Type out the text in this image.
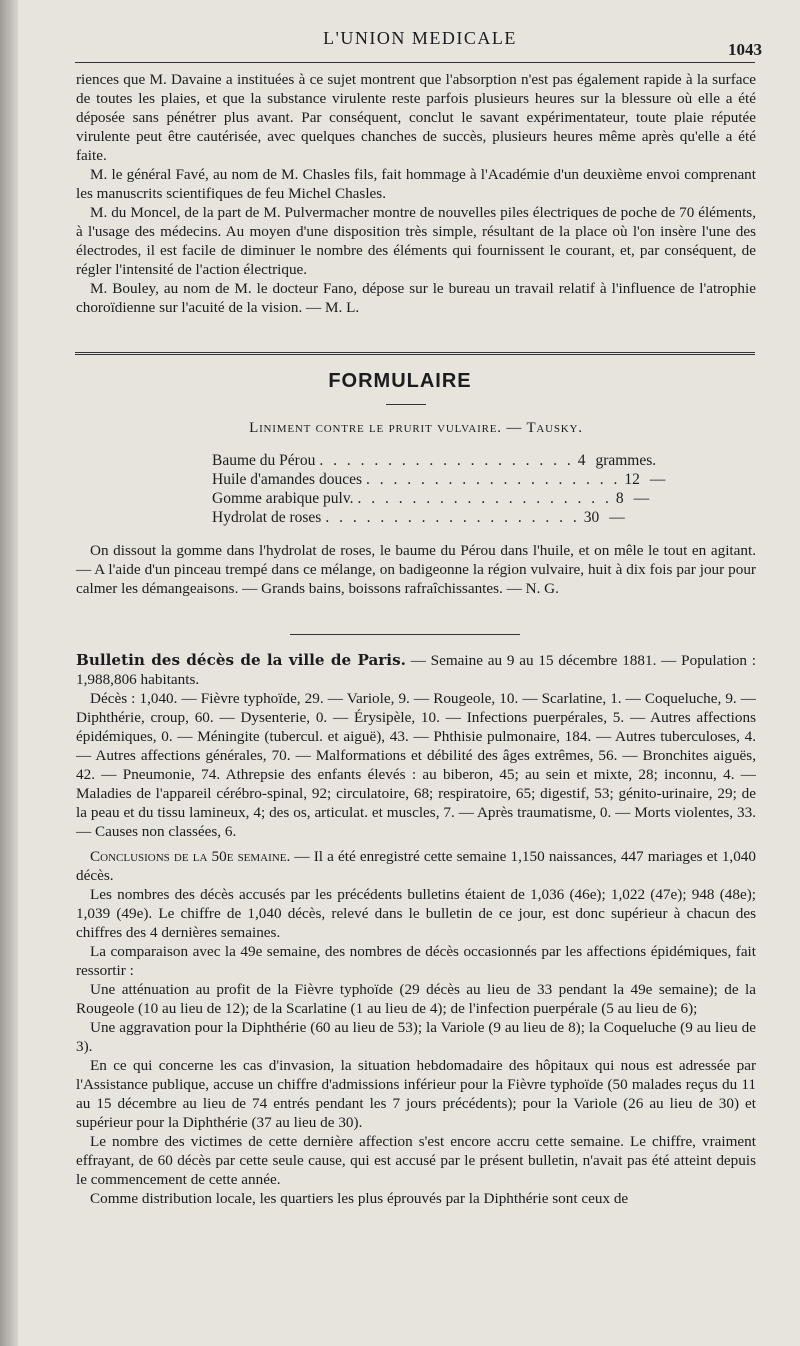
L'UNION MEDICALE
1043

riences que M. Davaine a instituées à ce sujet montrent que l'absorption n'est pas également rapide à la surface de toutes les plaies, et que la substance virulente reste parfois plusieurs heures sur la blessure où elle a été déposée sans pénétrer plus avant. Par conséquent, conclut le savant expérimentateur, toute plaie réputée virulente peut être cautérisée, avec quelques chanches de succès, plusieurs heures même après qu'elle a été faite.

M. le général Favé, au nom de M. Chasles fils, fait hommage à l'Académie d'un deuxième envoi comprenant les manuscrits scientifiques de feu Michel Chasles.

M. du Moncel, de la part de M. Pulvermacher montre de nouvelles piles électriques de poche de 70 éléments, à l'usage des médecins. Au moyen d'une disposition très simple, résultant de la place où l'on insère l'une des électrodes, il est facile de diminuer le nombre des éléments qui fournissent le courant, et, par conséquent, de régler l'intensité de l'action électrique.

M. Bouley, au nom de M. le docteur Fano, dépose sur le bureau un travail relatif à l'influence de l'atrophie choroïdienne sur l'acuité de la vision. — M. L.

FORMULAIRE
Liniment contre le prurit vulvaire. — Tausky.
Baume du Pérou . . . . . . . . . . . . . . . . . . . 4 grammes.
Huile d'amandes douces . . . . . . . . . . . . . . . . . . . 12 —
Gomme arabique pulv. . . . . . . . . . . . . . . . . . . . 8 —
Hydrolat de roses . . . . . . . . . . . . . . . . . . . 30 —

On dissout la gomme dans l'hydrolat de roses, le baume du Pérou dans l'huile, et on mêle le tout en agitant. — A l'aide d'un pinceau trempé dans ce mélange, on badigeonne la région vulvaire, huit à dix fois par jour pour calmer les démangeaisons. — Grands bains, boissons rafraîchissantes. — N. G.

Bulletin des décès de la ville de Paris. — Semaine au 9 au 15 décembre 1881. — Population : 1,988,806 habitants.

Décès : 1,040. — Fièvre typhoïde, 29. — Variole, 9. — Rougeole, 10. — Scarlatine, 1. — Coqueluche, 9. — Diphthérie, croup, 60. — Dysenterie, 0. — Érysipèle, 10. — Infections puerpérales, 5. — Autres affections épidémiques, 0. — Méningite (tubercul. et aiguë), 43. — Phthisie pulmonaire, 184. — Autres tuberculoses, 4. — Autres affections générales, 70. — Malformations et débilité des âges extrêmes, 56. — Bronchites aiguës, 42. — Pneumonie, 74. Athrepsie des enfants élevés : au biberon, 45; au sein et mixte, 28; inconnu, 4. — Maladies de l'appareil cérébro-spinal, 92; circulatoire, 68; respiratoire, 65; digestif, 53; génito-urinaire, 29; de la peau et du tissu lamineux, 4; des os, articulat. et muscles, 7. — Après traumatisme, 0. — Morts violentes, 33. — Causes non classées, 6.

Conclusions de la 50e semaine. — Il a été enregistré cette semaine 1,150 naissances, 447 mariages et 1,040 décès.

Les nombres des décès accusés par les précédents bulletins étaient de 1,036 (46e); 1,022 (47e); 948 (48e); 1,039 (49e). Le chiffre de 1,040 décès, relevé dans le bulletin de ce jour, est donc supérieur à chacun des chiffres des 4 dernières semaines.

La comparaison avec la 49e semaine, des nombres de décès occasionnés par les affections épidémiques, fait ressortir :

Une atténuation au profit de la Fièvre typhoïde (29 décès au lieu de 33 pendant la 49e semaine); de la Rougeole (10 au lieu de 12); de la Scarlatine (1 au lieu de 4); de l'infection puerpérale (5 au lieu de 6);

Une aggravation pour la Diphthérie (60 au lieu de 53); la Variole (9 au lieu de 8); la Coqueluche (9 au lieu de 3).

En ce qui concerne les cas d'invasion, la situation hebdomadaire des hôpitaux qui nous est adressée par l'Assistance publique, accuse un chiffre d'admissions inférieur pour la Fièvre typhoïde (50 malades reçus du 11 au 15 décembre au lieu de 74 entrés pendant les 7 jours précédents); pour la Variole (26 au lieu de 30) et supérieur pour la Diphthérie (37 au lieu de 30).

Le nombre des victimes de cette dernière affection s'est encore accru cette semaine. Le chiffre, vraiment effrayant, de 60 décès par cette seule cause, qui est accusé par le présent bulletin, n'avait pas été atteint depuis le commencement de cette année.

Comme distribution locale, les quartiers les plus éprouvés par la Diphthérie sont ceux de
